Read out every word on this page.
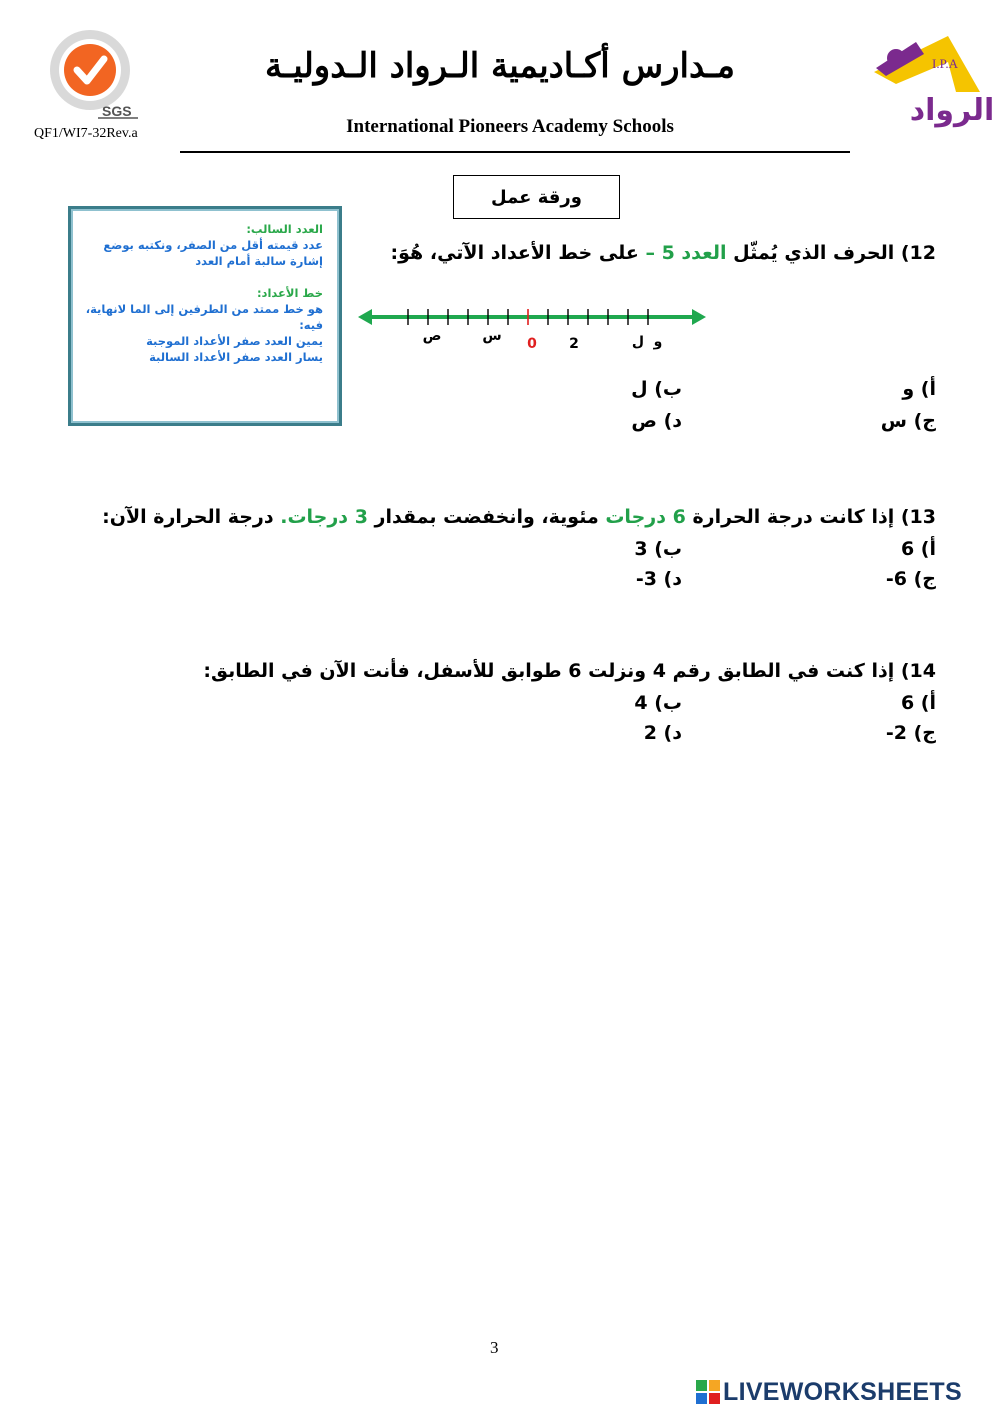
SGS
QF1/WI7-32Rev.a
مـدارس أكـاديمية الـرواد الـدوليـة
International Pioneers Academy Schools
I.P.A
الرواد
ورقة عمل

العدد السالب:

عدد قيمته أقل من الصفر، ونكتبه بوضع

إشارة سالبة أمام العدد

خط الأعداد:

هو خط ممتد من الطرفين إلى الما لانهاية،

فيه:

يمين العدد صفر الأعداد الموجبة

يسار العدد صفر الأعداد السالبة

12) الحرف الذي يُمثّل العدد 5 – على خط الأعداد الآتي، هُوَ:
ص	س 0 2	ل و
أ) و
ب) ل
ج) س
د) ص
13) إذا كانت درجة الحرارة 6 درجات مئوية، وانخفضت بمقدار 3 درجات. درجة الحرارة الآن:
أ) 6
ب) 3
ج) 6-
د) 3-
14) إذا كنت في الطابق رقم 4 ونزلت 6 طوابق للأسفل، فأنت الآن في الطابق:
أ) 6
ب) 4
ج) 2-
د) 2
3
LIVEWORKSHEETS
